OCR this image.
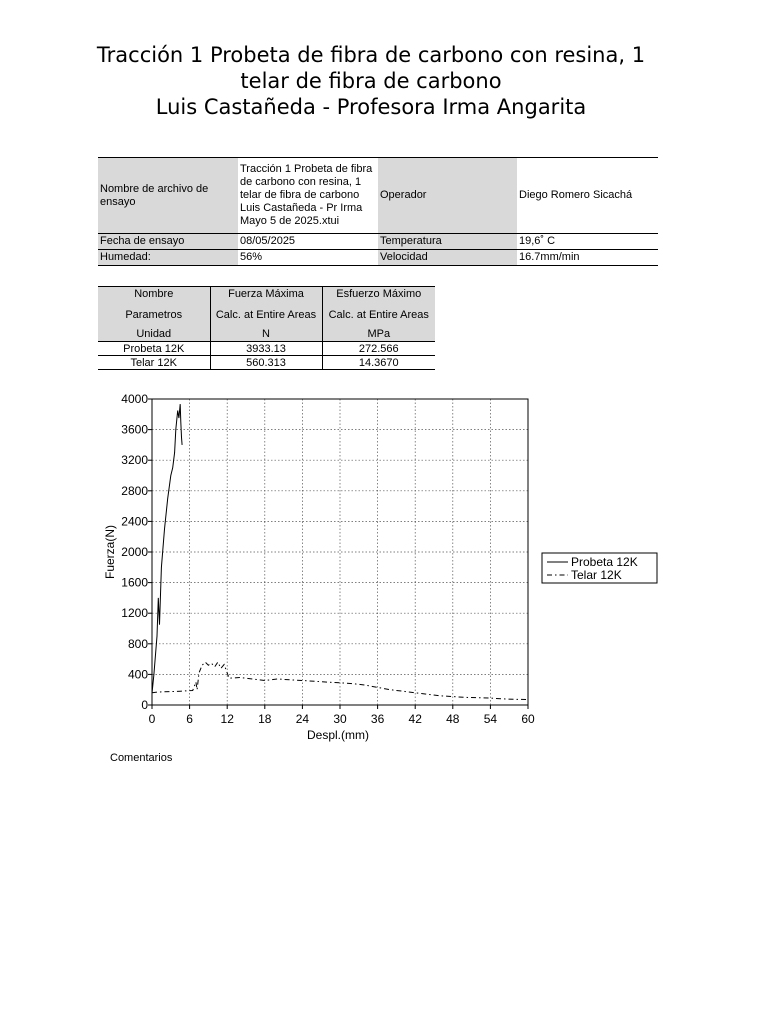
Tracción 1 Probeta de fibra de carbono con resina, 1
telar de fibra de carbono
Luis Castañeda - Profesora Irma Angarita
Nombre de archivo de ensayo	Tracción 1 Probeta de fibra de carbono con resina, 1 telar de fibra de carbono Luis Castañeda - Pr Irma Mayo 5 de 2025.xtui	Operador	Diego Romero Sicachá
Fecha de ensayo	08/05/2025	Temperatura	19,6˚ C
Humedad:	56%	Velocidad	16.7mm/min
Nombre	Fuerza Máxima	Esfuerzo Máximo
Parametros	Calc. at Entire Areas	Calc. at Entire Areas
Unidad	N	MPa
Probeta 12K	3933.13	272.566
Telar 12K	560.313	14.3670
0	6 12 18 24 30 36 42 48 54 60
0
400
800
1200
1600
2000
2400
2800
3200
3600
4000
Despl.(mm)
Fuerza(N)	Probeta 12K
Telar 12K
Comentarios
